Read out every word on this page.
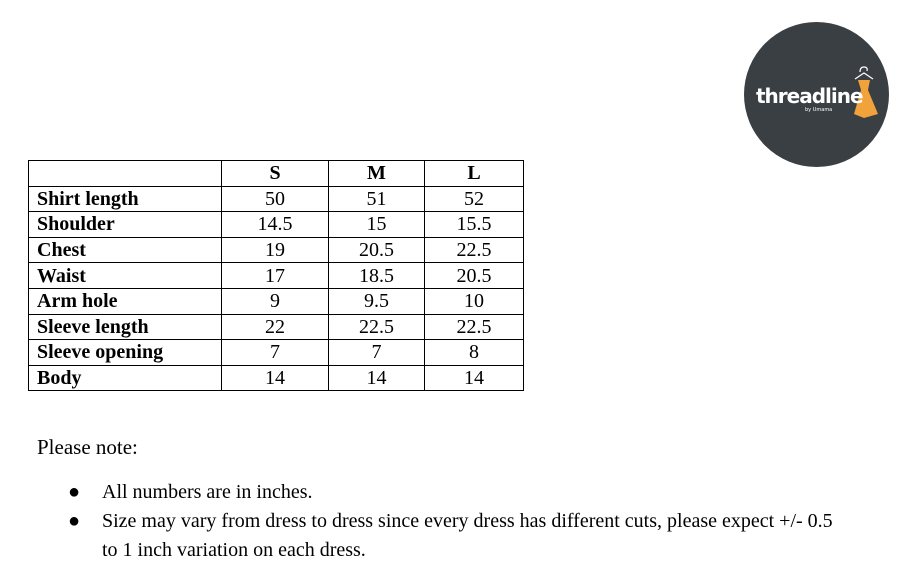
threadline
by Umama
	S	M	L
Shirt length	50	51	52
Shoulder	14.5	15	15.5
Chest	19	20.5	22.5
Waist	17	18.5	20.5
Arm hole	9	9.5	10
Sleeve length	22	22.5	22.5
Sleeve opening	7	7	8
Body	14	14	14

Please note:

● All numbers are in inches.
● Size may vary from dress to dress since every dress has different cuts, please expect +/- 0.5 to 1 inch variation on each dress.
